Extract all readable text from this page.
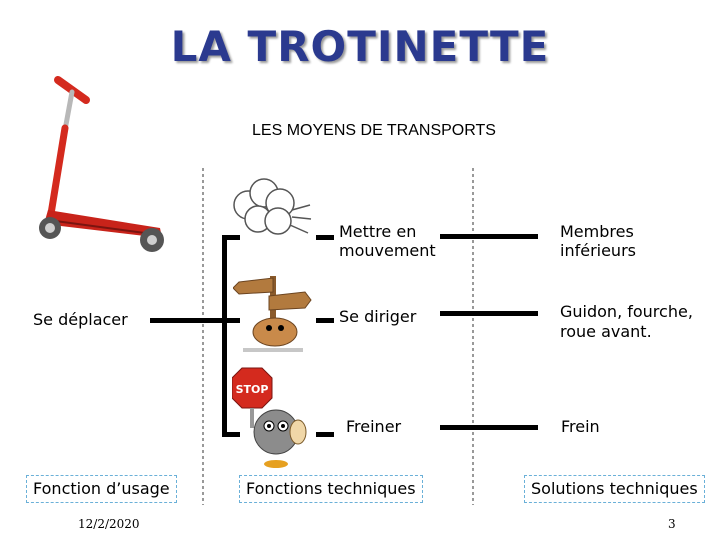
LA TROTINETTE
LES MOYENS DE TRANSPORTS
STOP
Se déplacer
Mettre en
mouvement
Se diriger
Freiner
Membres
inférieurs
Guidon, fourche,
roue avant.
Frein
Fonction d’usage	Fonctions techniques	Solutions techniques
12/2/2020	3
